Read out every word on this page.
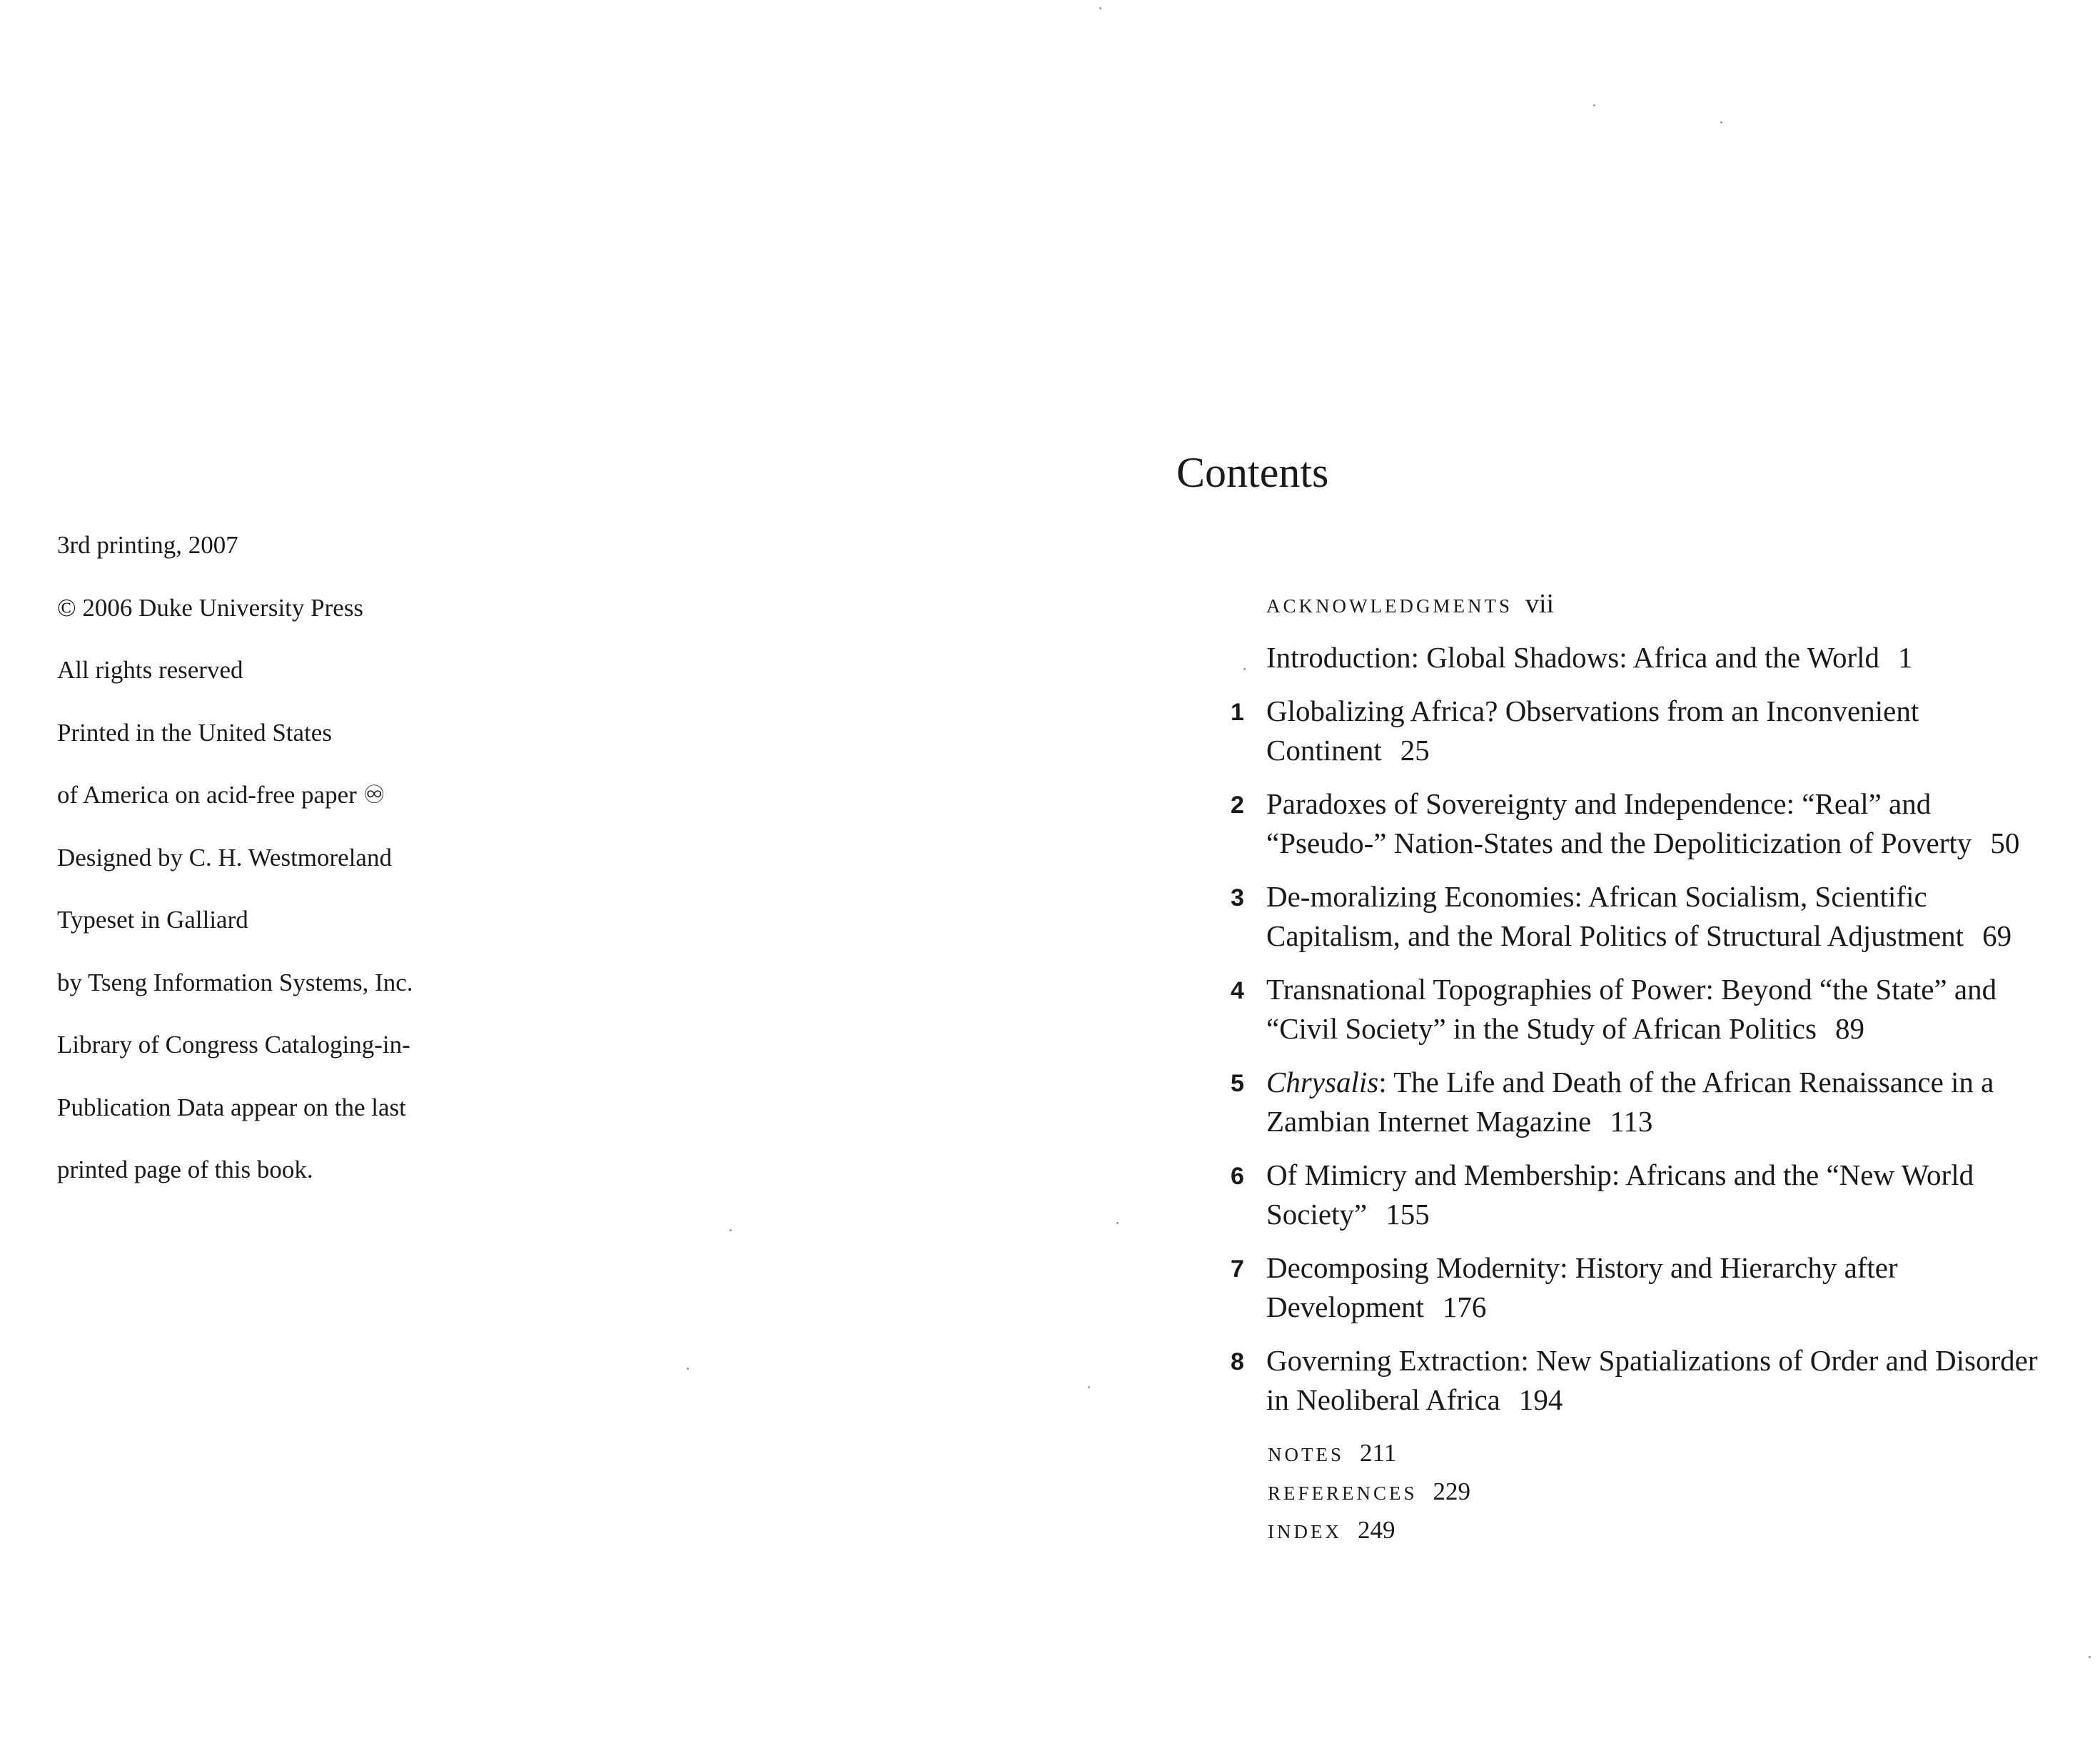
3rd printing, 2007
© 2006 Duke University Press
All rights reserved
Printed in the United States
of America on acid-free paper ♾
Designed by C. H. Westmoreland
Typeset in Galliard
by Tseng Information Systems, Inc.
Library of Congress Cataloging-in-
Publication Data appear on the last
printed page of this book.
Contents
ACKNOWLEDGMENTS vii
Introduction: Global Shadows: Africa and the World 1
1 Globalizing Africa? Observations from an Inconvenient Continent 25
2 Paradoxes of Sovereignty and Independence: “Real” and “Pseudo-” Nation-States and the Depoliticization of Poverty 50
3 De-moralizing Economies: African Socialism, Scientific Capitalism, and the Moral Politics of Structural Adjustment 69
4 Transnational Topographies of Power: Beyond “the State” and “Civil Society” in the Study of African Politics 89
5 Chrysalis: The Life and Death of the African Renaissance in a Zambian Internet Magazine 113
6 Of Mimicry and Membership: Africans and the “New World Society” 155
7 Decomposing Modernity: History and Hierarchy after Development 176
8 Governing Extraction: New Spatializations of Order and Disorder in Neoliberal Africa 194
NOTES 211
REFERENCES 229
INDEX 249
